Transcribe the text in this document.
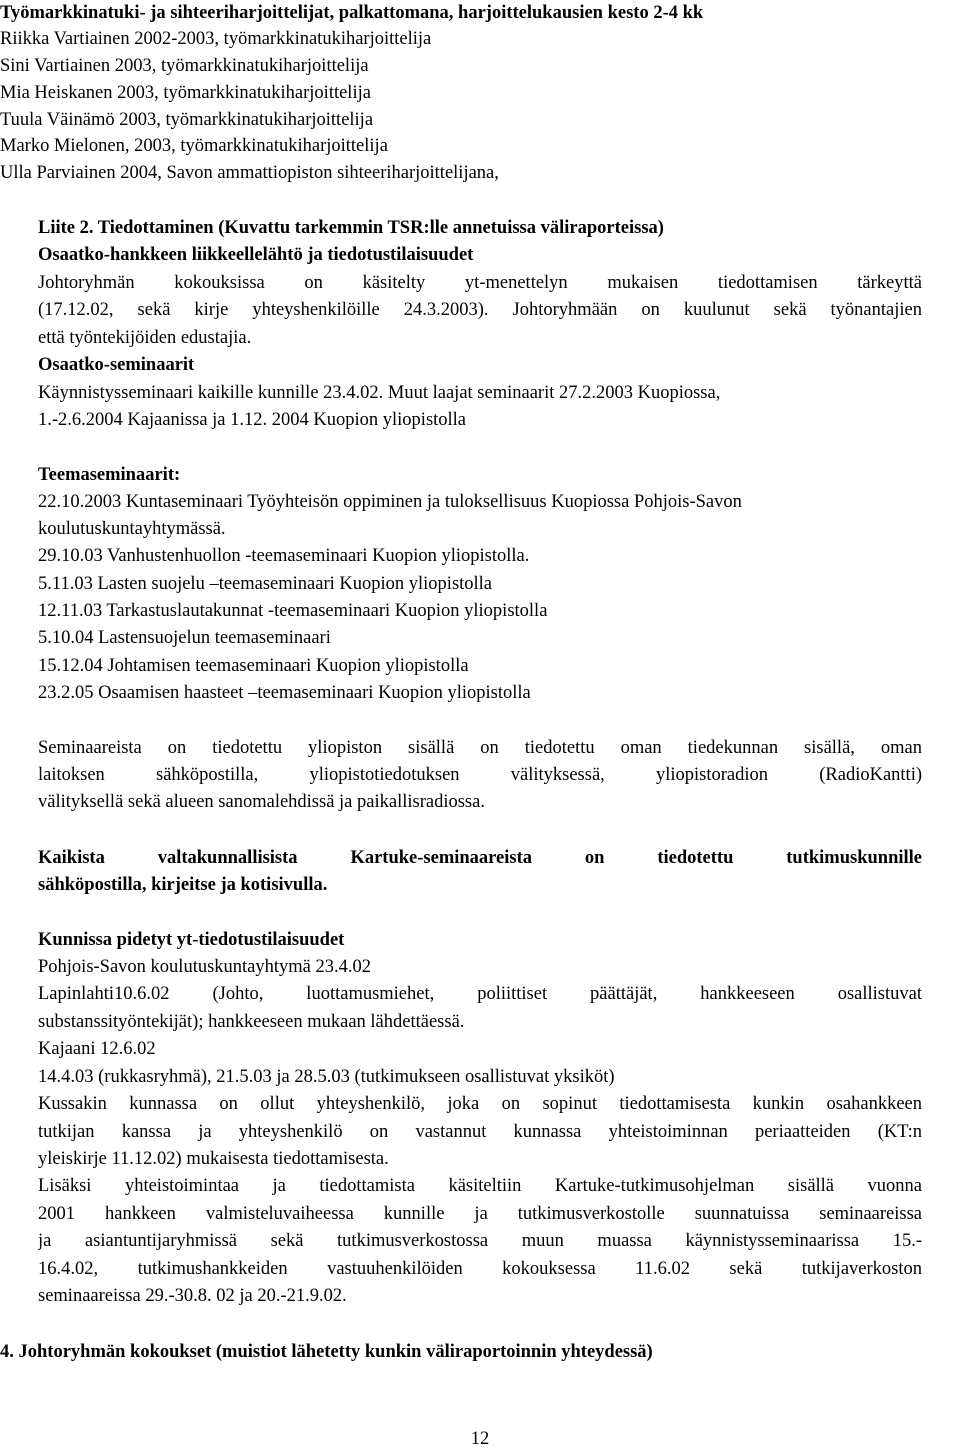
Työmarkkinatuki- ja sihteeriharjoittelijat, palkattomana, harjoittelukausien kesto 2-4 kk
Riikka Vartiainen 2002-2003, työmarkkinatukiharjoittelija
Sini Vartiainen 2003, työmarkkinatukiharjoittelija
Mia Heiskanen 2003, työmarkkinatukiharjoittelija
Tuula Väinämö 2003, työmarkkinatukiharjoittelija
Marko Mielonen, 2003, työmarkkinatukiharjoittelija
Ulla Parviainen 2004, Savon ammattiopiston sihteeriharjoittelijana,
Liite 2. Tiedottaminen (Kuvattu tarkemmin TSR:lle annetuissa väliraporteissa)
Osaatko-hankkeen liikkeellelähtö ja tiedotustilaisuudet
Johtoryhmän kokouksissa on käsitelty yt-menettelyn mukaisen tiedottamisen tärkeyttä
(17.12.02, sekä kirje yhteyshenkilöille 24.3.2003). Johtoryhmään on kuulunut sekä työnantajien
että työntekijöiden edustajia.
Osaatko-seminaarit
Käynnistysseminaari kaikille kunnille 23.4.02. Muut laajat seminaarit 27.2.2003 Kuopiossa,
1.-2.6.2004 Kajaanissa ja 1.12. 2004 Kuopion yliopistolla
Teemaseminaarit:
22.10.2003 Kuntaseminaari Työyhteisön oppiminen ja tuloksellisuus Kuopiossa Pohjois-Savon
koulutuskuntayhtymässä.
29.10.03 Vanhustenhuollon -teemaseminaari Kuopion yliopistolla.
5.11.03 Lasten suojelu –teemaseminaari Kuopion yliopistolla
12.11.03 Tarkastuslautakunnat -teemaseminaari Kuopion yliopistolla
5.10.04 Lastensuojelun teemaseminaari
15.12.04 Johtamisen teemaseminaari Kuopion yliopistolla
23.2.05 Osaamisen haasteet –teemaseminaari Kuopion yliopistolla
Seminaareista on tiedotettu yliopiston sisällä on tiedotettu oman tiedekunnan sisällä, oman
laitoksen sähköpostilla, yliopistotiedotuksen välityksessä, yliopistoradion (RadioKantti)
välityksellä sekä alueen sanomalehdissä ja paikallisradiossa.
Kaikista valtakunnallisista Kartuke-seminaareista on tiedotettu tutkimuskunnille
sähköpostilla, kirjeitse ja kotisivulla.
Kunnissa pidetyt yt-tiedotustilaisuudet
Pohjois-Savon koulutuskuntayhtymä 23.4.02
Lapinlahti10.6.02 (Johto, luottamusmiehet, poliittiset päättäjät, hankkeeseen osallistuvat
substanssityöntekijät); hankkeeseen mukaan lähdettäessä.
Kajaani 12.6.02
14.4.03 (rukkasryhmä), 21.5.03 ja 28.5.03 (tutkimukseen osallistuvat yksiköt)
Kussakin kunnassa on ollut yhteyshenkilö, joka on sopinut tiedottamisesta kunkin osahankkeen
tutkijan kanssa ja yhteyshenkilö on vastannut kunnassa yhteistoiminnan periaatteiden (KT:n
yleiskirje 11.12.02) mukaisesta tiedottamisesta.
Lisäksi yhteistoimintaa ja tiedottamista käsiteltiin Kartuke-tutkimusohjelman sisällä vuonna
2001 hankkeen valmisteluvaiheessa kunnille ja tutkimusverkostolle suunnatuissa seminaareissa
ja asiantuntijaryhmissä sekä tutkimusverkostossa muun muassa käynnistysseminaarissa 15.-
16.4.02, tutkimushankkeiden vastuuhenkilöiden kokouksessa 11.6.02 sekä tutkijaverkoston
seminaareissa 29.-30.8. 02 ja 20.-21.9.02.
4. Johtoryhmän kokoukset (muistiot lähetetty kunkin väliraportoinnin yhteydessä)
12
